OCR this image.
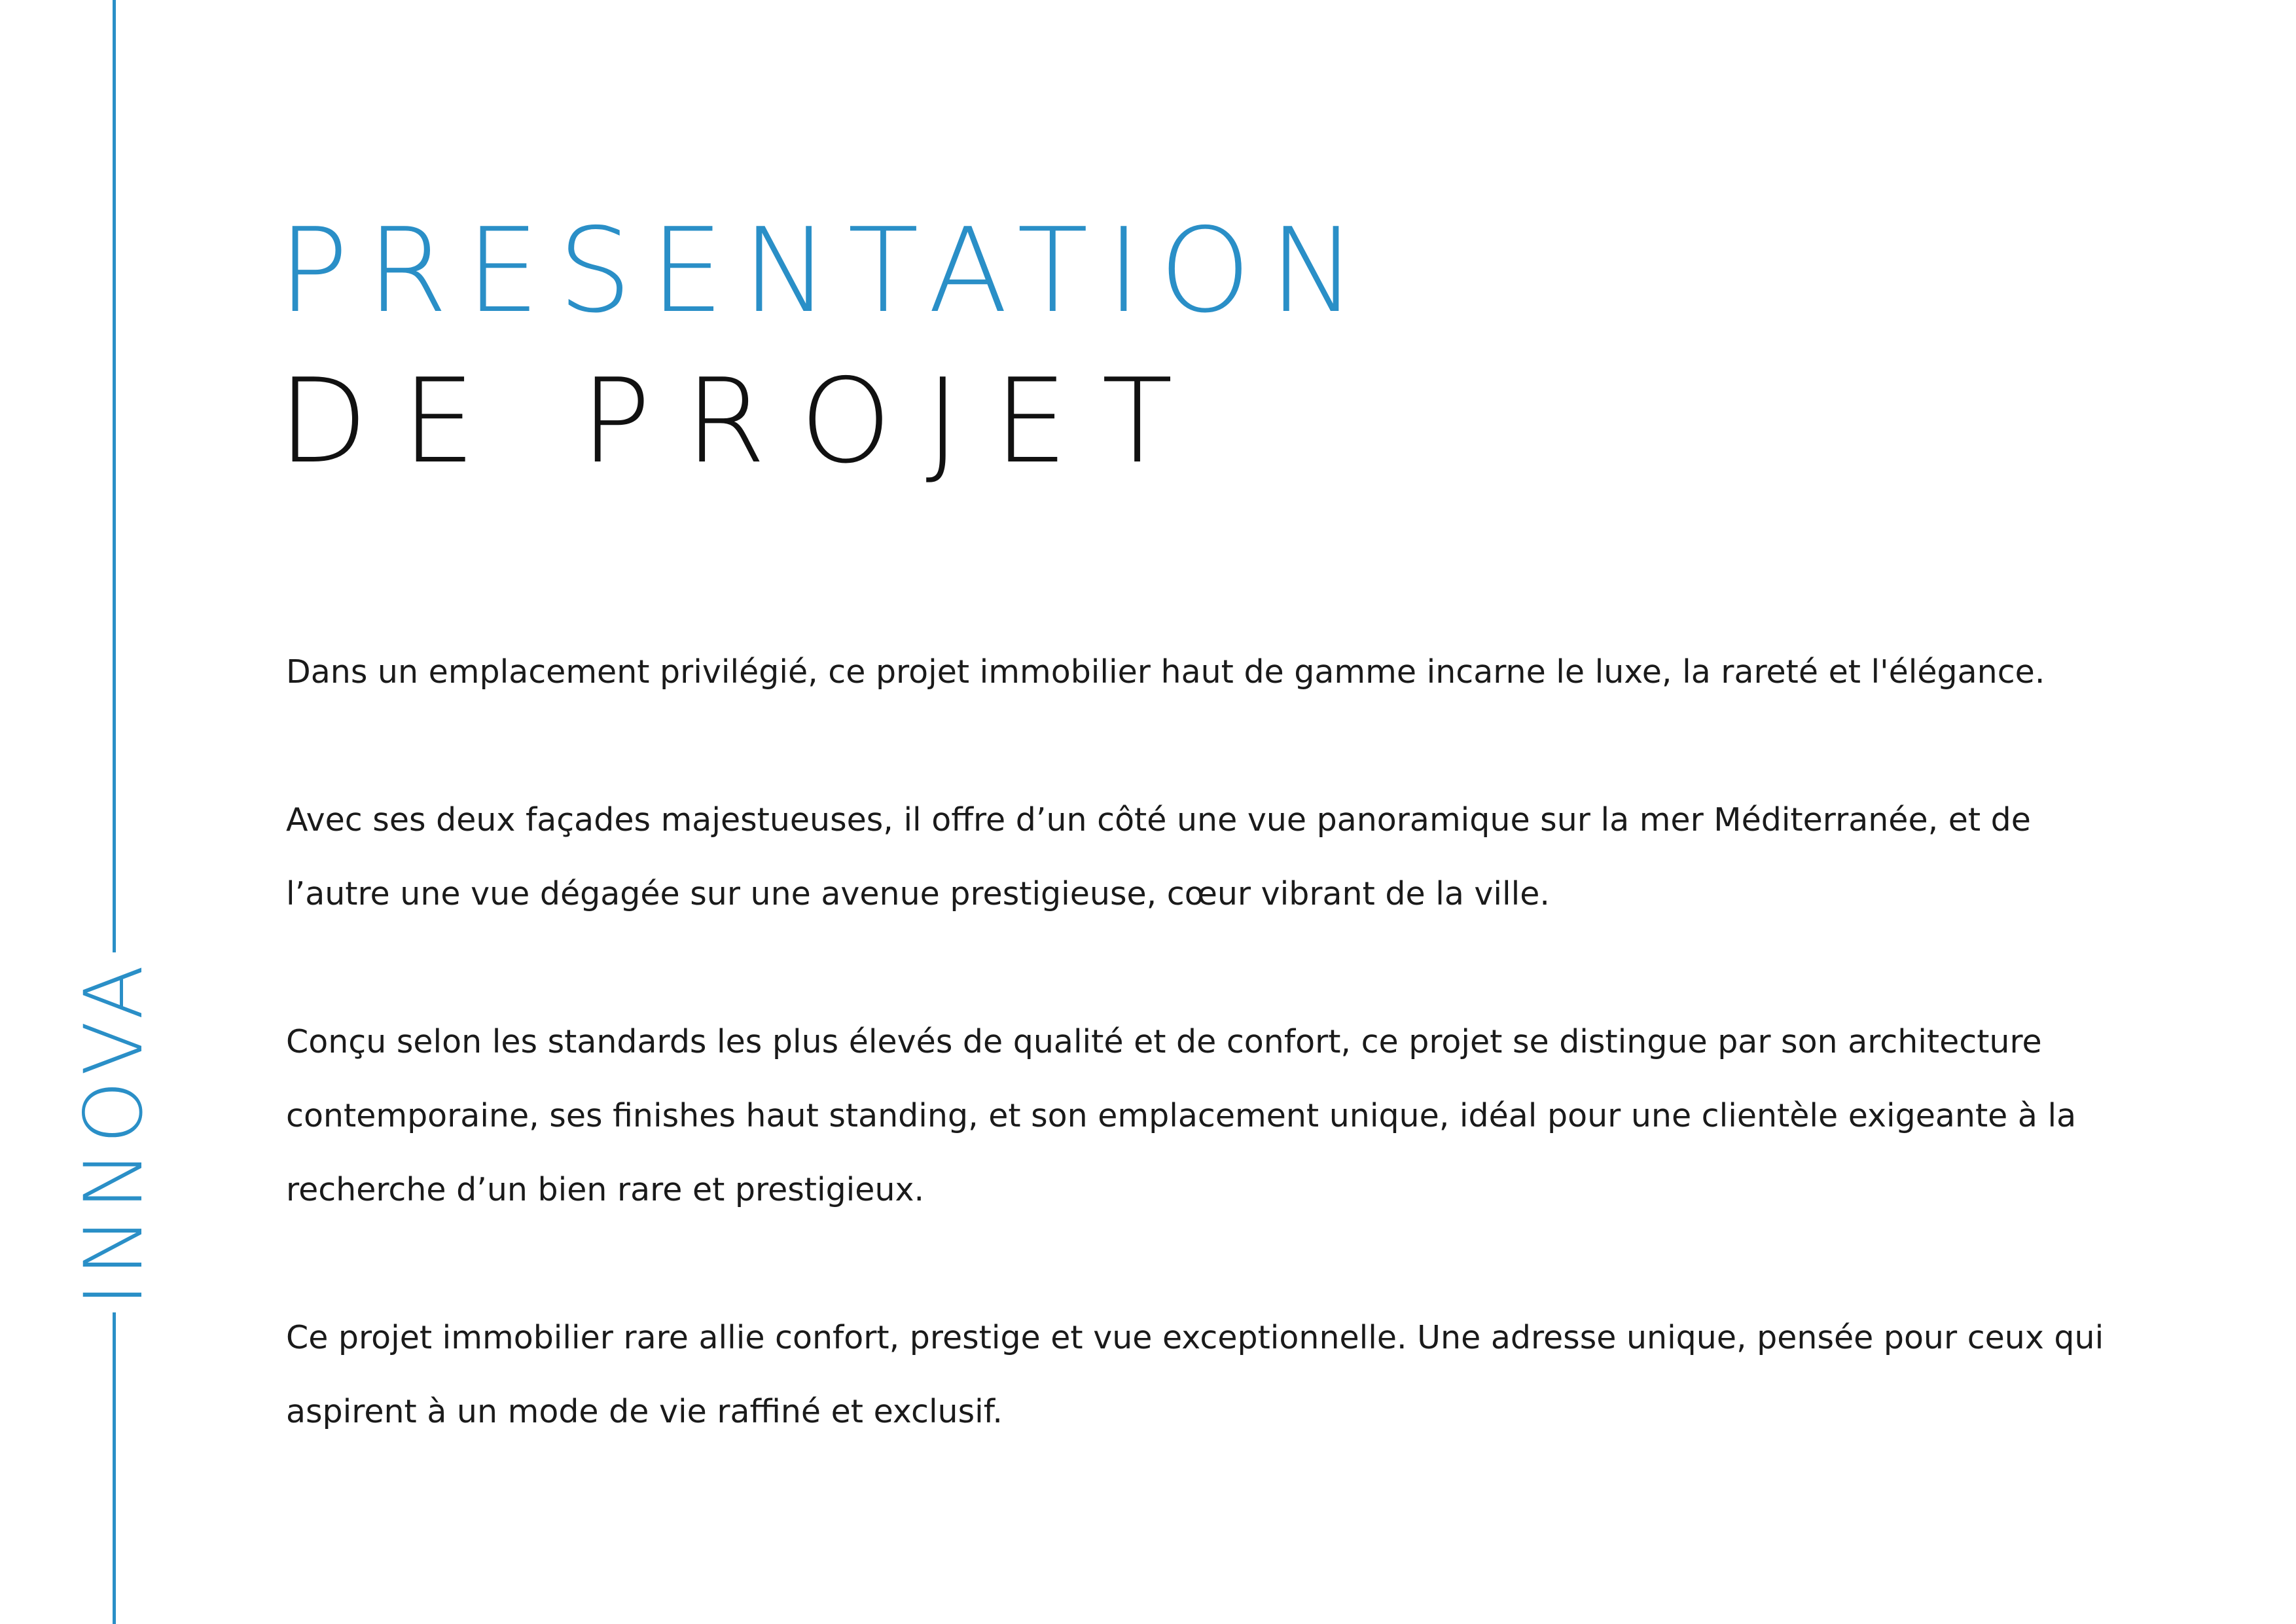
INNOVA
PRESENTATION
DE PROJET

Dans un emplacement privilégié, ce projet immobilier haut de gamme incarne le luxe, la rareté et l'élégance.

Avec ses deux façades majestueuses, il offre d’un côté une vue panoramique sur la mer Méditerranée, et de l’autre une vue dégagée sur une avenue prestigieuse, cœur vibrant de la ville.

Conçu selon les standards les plus élevés de qualité et de confort, ce projet se distingue par son architecture contemporaine, ses finishes haut standing, et son emplacement unique, idéal pour une clientèle exigeante à la recherche d’un bien rare et prestigieux.

Ce projet immobilier rare allie confort, prestige et vue exceptionnelle. Une adresse unique, pensée pour ceux qui aspirent à un mode de vie raffiné et exclusif.
